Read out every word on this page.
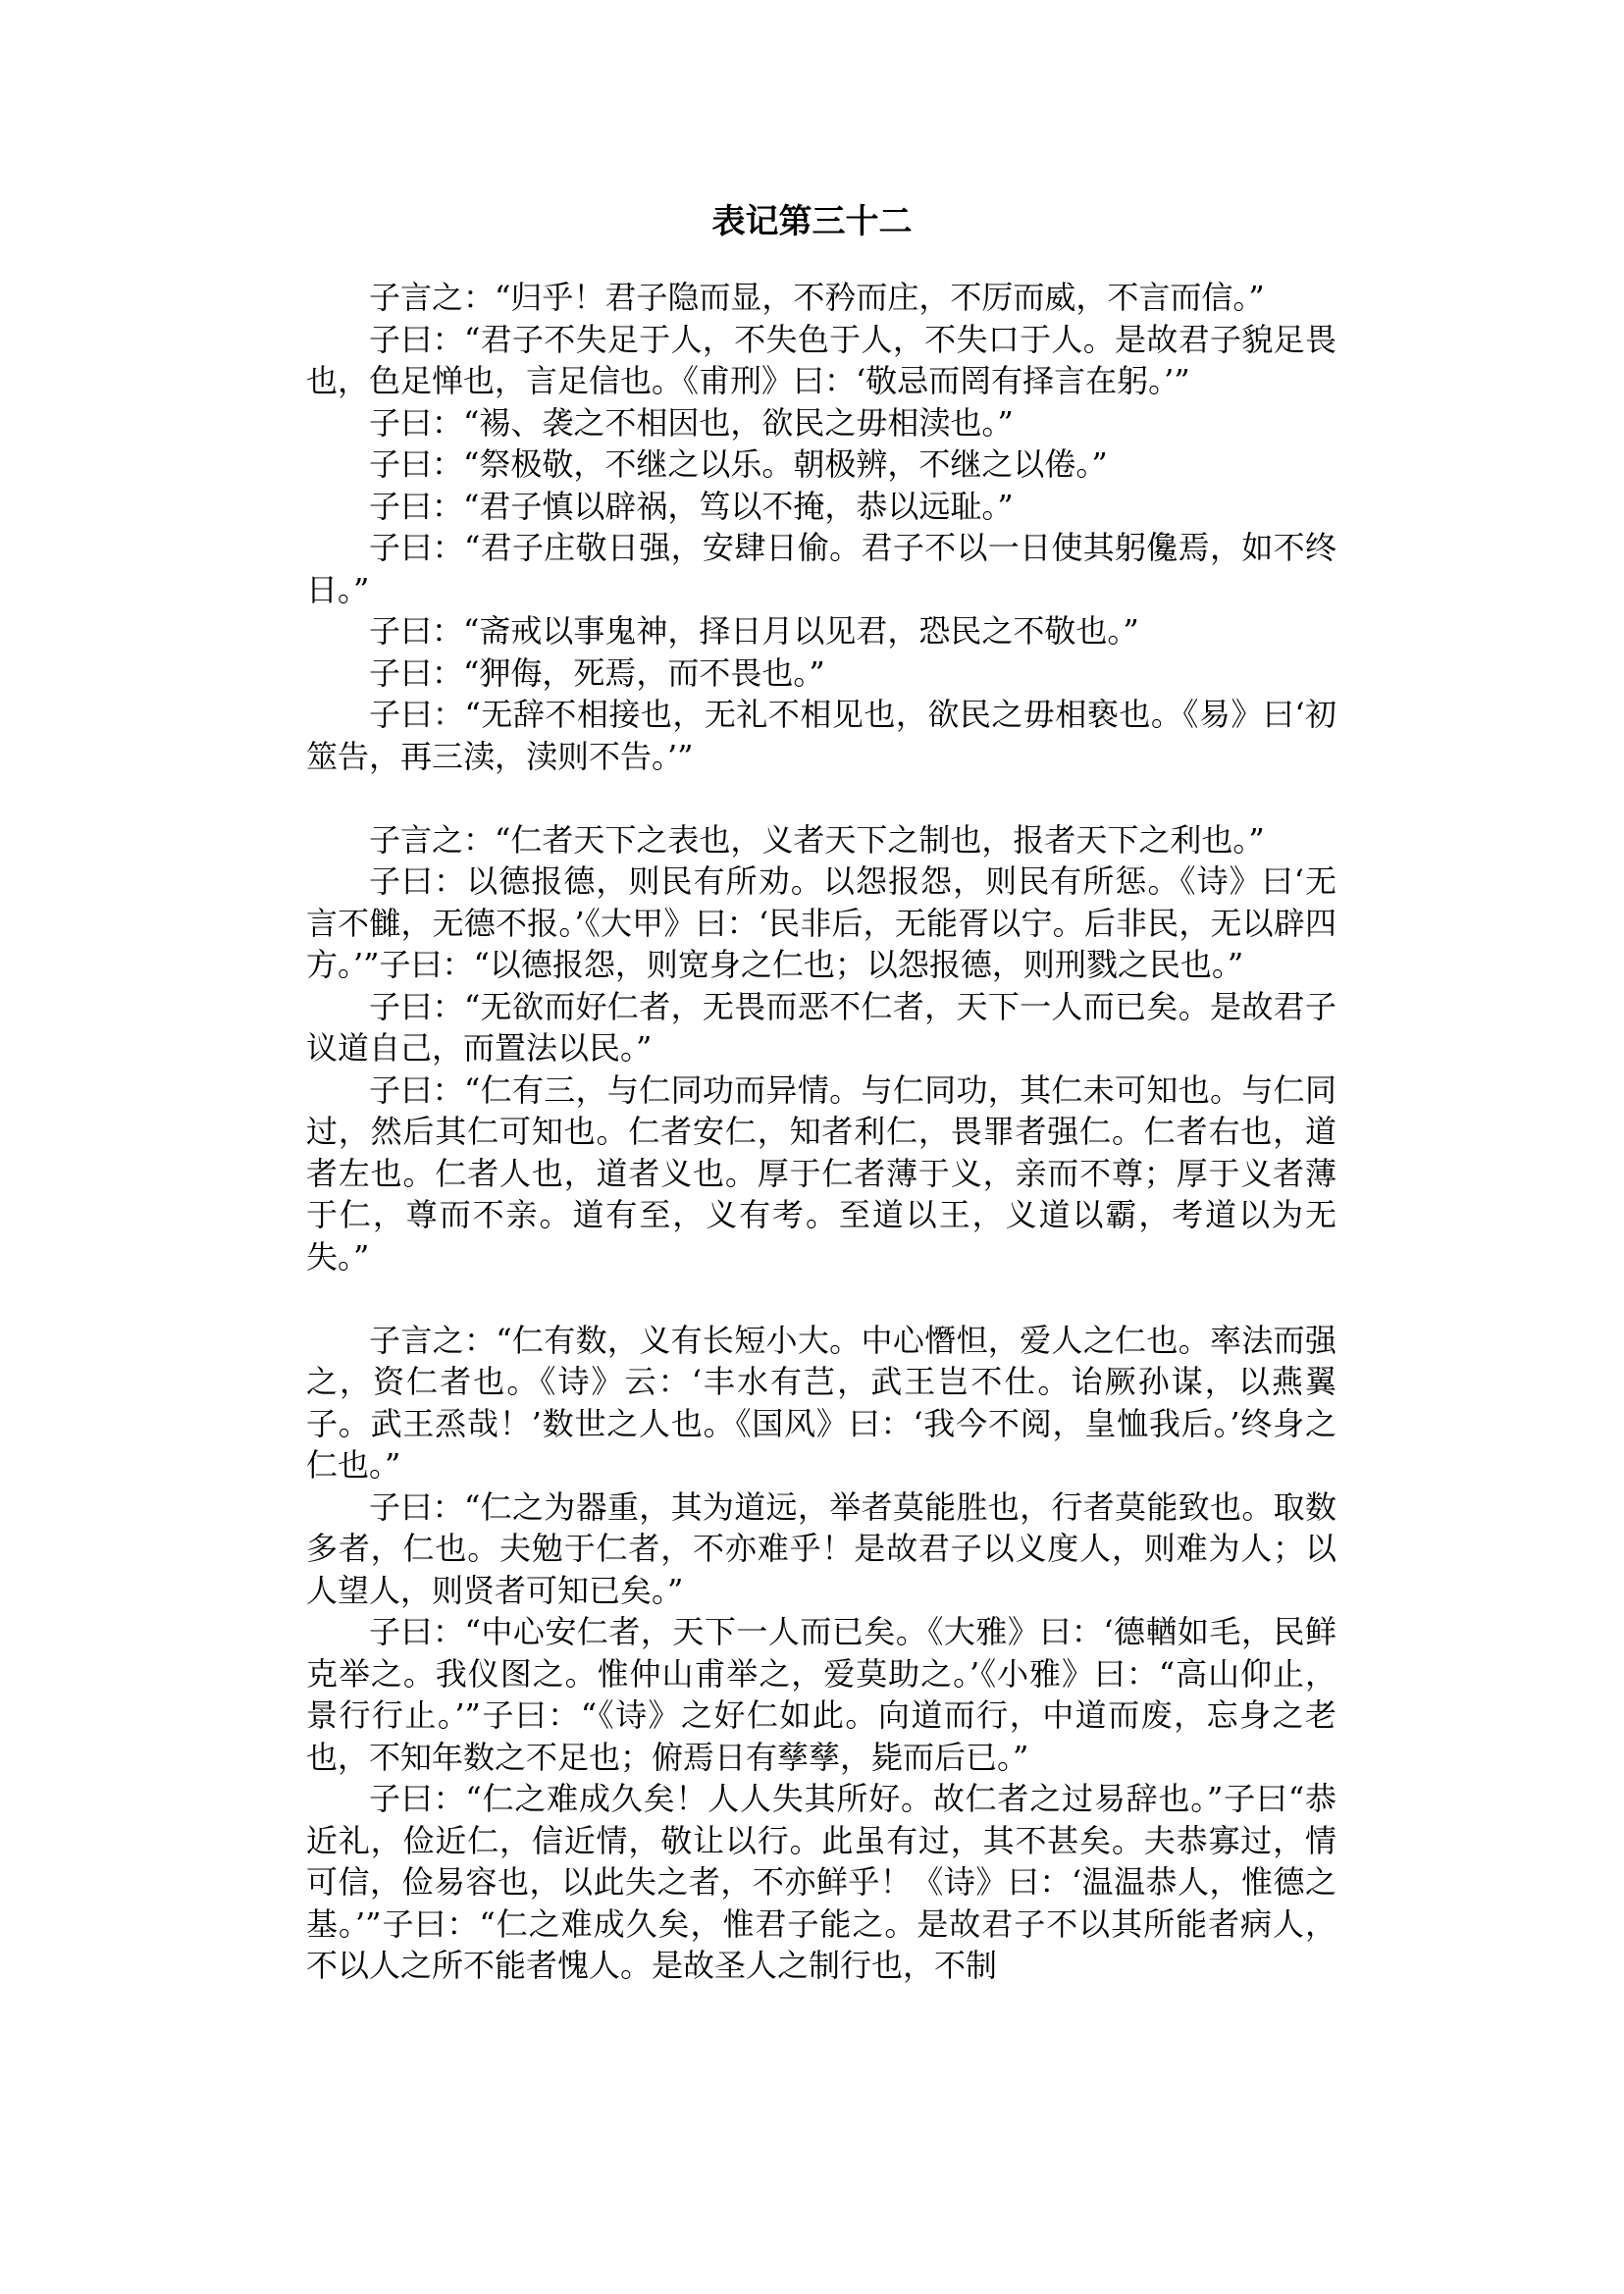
表记第三十二

子言之：“归乎！君子隐而显，不矜而庄，不厉而威，不言而信。”

子曰：“君子不失足于人，不失色于人，不失口于人。是故君子貌足畏也，色足惮也，言足信也。《甫刑》曰：‘敬忌而罔有择言在躬。’”

子曰：“裼、袭之不相因也，欲民之毋相渎也。”

子曰：“祭极敬，不继之以乐。朝极辨，不继之以倦。”

子曰：“君子慎以辟祸，笃以不掩，恭以远耻。”

子曰：“君子庄敬日强，安肆日偷。君子不以一日使其躬儳焉，如不终日。”

子曰：“斋戒以事鬼神，择日月以见君，恐民之不敬也。”

子曰：“狎侮，死焉，而不畏也。”

子曰：“无辞不相接也，无礼不相见也，欲民之毋相亵也。《易》曰‘初筮告，再三渎，渎则不告。’”

子言之：“仁者天下之表也，义者天下之制也，报者天下之利也。”

子曰：以德报德，则民有所劝。以怨报怨，则民有所惩。《诗》曰‘无言不雠，无德不报。’《大甲》曰：‘民非后，无能胥以宁。后非民，无以辟四方。’”子曰：“以德报怨，则宽身之仁也；以怨报德，则刑戮之民也。”

子曰：“无欲而好仁者，无畏而恶不仁者，天下一人而已矣。是故君子议道自己，而置法以民。”

子曰：“仁有三，与仁同功而异情。与仁同功，其仁未可知也。与仁同过，然后其仁可知也。仁者安仁，知者利仁，畏罪者强仁。仁者右也，道者左也。仁者人也，道者义也。厚于仁者薄于义，亲而不尊；厚于义者薄于仁，尊而不亲。道有至，义有考。至道以王，义道以霸，考道以为无失。”

子言之：“仁有数，义有长短小大。中心憯怛，爱人之仁也。率法而强之，资仁者也。《诗》云：‘丰水有芑，武王岂不仕。诒厥孙谋，以燕翼子。武王烝哉！’数世之人也。《国风》曰：‘我今不阅，皇恤我后。’终身之仁也。”

子曰：“仁之为器重，其为道远，举者莫能胜也，行者莫能致也。取数多者，仁也。夫勉于仁者，不亦难乎！是故君子以义度人，则难为人；以人望人，则贤者可知已矣。”

子曰：“中心安仁者，天下一人而已矣。《大雅》曰：‘德輶如毛，民鲜克举之。我仪图之。惟仲山甫举之，爱莫助之。’《小雅》曰：“高山仰止，景行行止。’”子曰：“《诗》之好仁如此。向道而行，中道而废，忘身之老也，不知年数之不足也；俯焉日有孳孳，毙而后已。”

子曰：“仁之难成久矣！人人失其所好。故仁者之过易辞也。”子曰“恭近礼，俭近仁，信近情，敬让以行。此虽有过，其不甚矣。夫恭寡过，情可信，俭易容也，以此失之者，不亦鲜乎！《诗》曰：‘温温恭人，惟德之基。’”子曰：“仁之难成久矣，惟君子能之。是故君子不以其所能者病人，不以人之所不能者愧人。是故圣人之制行也，不制
